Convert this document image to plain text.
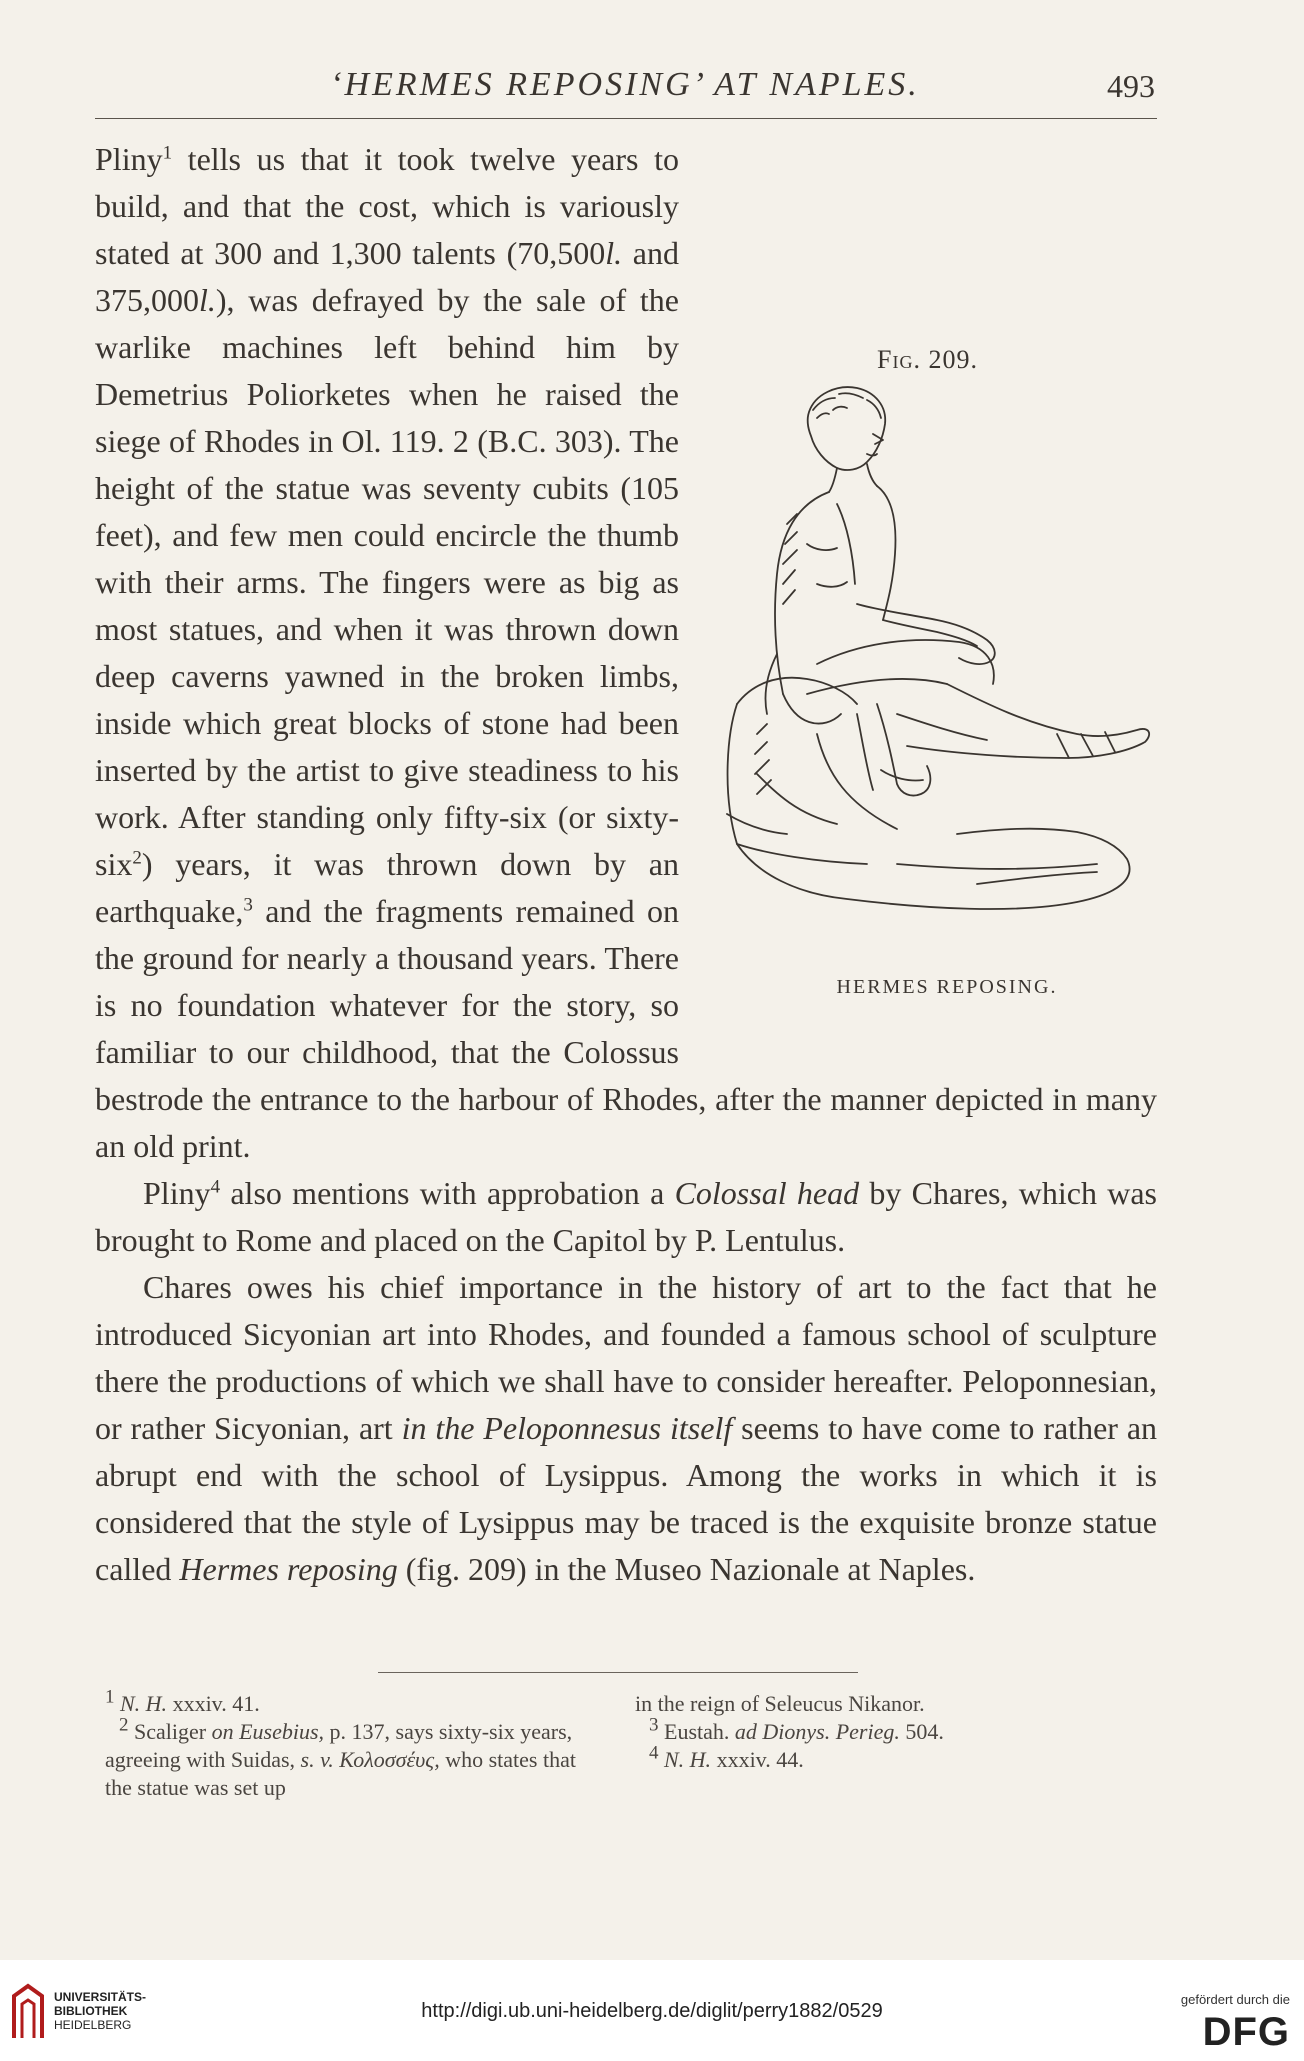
‘HERMES REPOSING’ AT NAPLES.	493
Fig. 209.
HERMES REPOSING.

Pliny$^1$ tells us that it took twelve years to build, and that the cost, which is variously stated at 300 and 1,300 talents (70,500l. and 375,000l.), was defrayed by the sale of the warlike machines left behind him by Demetrius Poliorketes when he raised the siege of Rhodes in Ol. 119. 2 (B.C. 303). The height of the statue was seventy cubits (105 feet), and few men could encircle the thumb with their arms. The fingers were as big as most statues, and when it was thrown down deep caverns yawned in the broken limbs, inside which great blocks of stone had been inserted by the artist to give steadiness to his work. After standing only fifty-six (or sixty-six$^2$) years, it was thrown down by an earthquake,$^3$ and the fragments remained on the ground for nearly a thousand years. There is no foundation whatever for the story, so familiar to our childhood, that the Colossus bestrode the entrance to the harbour of Rhodes, after the manner depicted in many an old print.

Pliny$^4$ also mentions with approbation a Colossal head by Chares, which was brought to Rome and placed on the Capitol by P. Lentulus.

Chares owes his chief importance in the history of art to the fact that he introduced Sicyonian art into Rhodes, and founded a famous school of sculpture there the productions of which we shall have to consider hereafter. Peloponnesian, or rather Sicyonian, art in the Peloponnesus itself seems to have come to rather an abrupt end with the school of Lysippus. Among the works in which it is considered that the style of Lysippus may be traced is the exquisite bronze statue called Hermes reposing (fig. 209) in the Museo Nazionale at Naples.

1 N. H. xxxiv. 41.

2 Scaliger on Eusebius, p. 137, says sixty-six years, agreeing with Suidas, s. v. Κολοσσέυς, who states that the statue was set up

in the reign of Seleucus Nikanor.

3 Eustah. ad Dionys. Perieg. 504.

4 N. H. xxxiv. 44.

UNIVERSITÄTS-
BIBLIOTHEK
HEIDELBERG
http://digi.ub.uni-heidelberg.de/diglit/perry1882/0529
gefördert durch die
DFG
